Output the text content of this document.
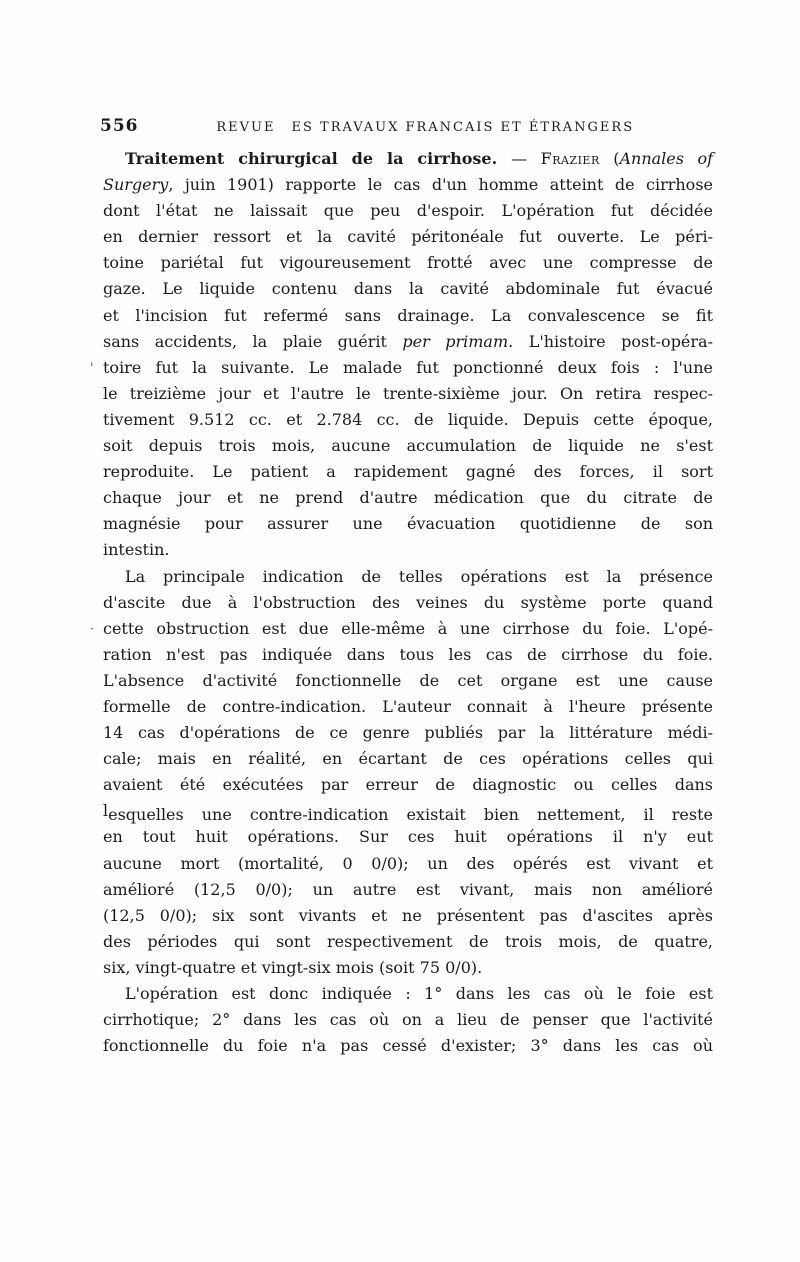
556	REVUE ES TRAVAUX FRANCAIS ET ÉTRANGERS
Traitement chirurgical de la cirrhose. — Frazier (Annales of
Surgery, juin 1901) rapporte le cas d'un homme atteint de cirrhose
dont l'état ne laissait que peu d'espoir. L'opération fut décidée
en dernier ressort et la cavité péritonéale fut ouverte. Le péri-
toine pariétal fut vigoureusement frotté avec une compresse de
gaze. Le liquide contenu dans la cavité abdominale fut évacué
et l'incision fut refermé sans drainage. La convalescence se fit
sans accidents, la plaie guérit per primam. L'histoire post-opéra-
' toire fut la suivante. Le malade fut ponctionné deux fois : l'une
le treizième jour et l'autre le trente-sixième jour. On retira respec-
tivement 9.512 cc. et 2.784 cc. de liquide. Depuis cette époque,
soit depuis trois mois, aucune accumulation de liquide ne s'est
reproduite. Le patient a rapidement gagné des forces, il sort
chaque jour et ne prend d'autre médication que du citrate de
magnésie pour assurer une évacuation quotidienne de son
intestin.
La principale indication de telles opérations est la présence
d'ascite due à l'obstruction des veines du système porte quand
· cette obstruction est due elle-même à une cirrhose du foie. L'opé-
ration n'est pas indiquée dans tous les cas de cirrhose du foie.
L'absence d'activité fonctionnelle de cet organe est une cause
formelle de contre-indication. L'auteur connait à l'heure présente
14 cas d'opérations de ce genre publiés par la littérature médi-
cale; mais en réalité, en écartant de ces opérations celles qui
avaient été exécutées par erreur de diagnostic ou celles dans
lesquelles une contre-indication existait bien nettement, il reste
en tout huit opérations. Sur ces huit opérations il n'y eut
aucune mort (mortalité, 0 0/0); un des opérés est vivant et
amélioré (12,5 0/0); un autre est vivant, mais non amélioré
(12,5 0/0); six sont vivants et ne présentent pas d'ascites après
des périodes qui sont respectivement de trois mois, de quatre,
six, vingt-quatre et vingt-six mois (soit 75 0/0).
L'opération est donc indiquée : 1° dans les cas où le foie est
cirrhotique; 2° dans les cas où on a lieu de penser que l'activité
fonctionnelle du foie n'a pas cessé d'exister; 3° dans les cas où
